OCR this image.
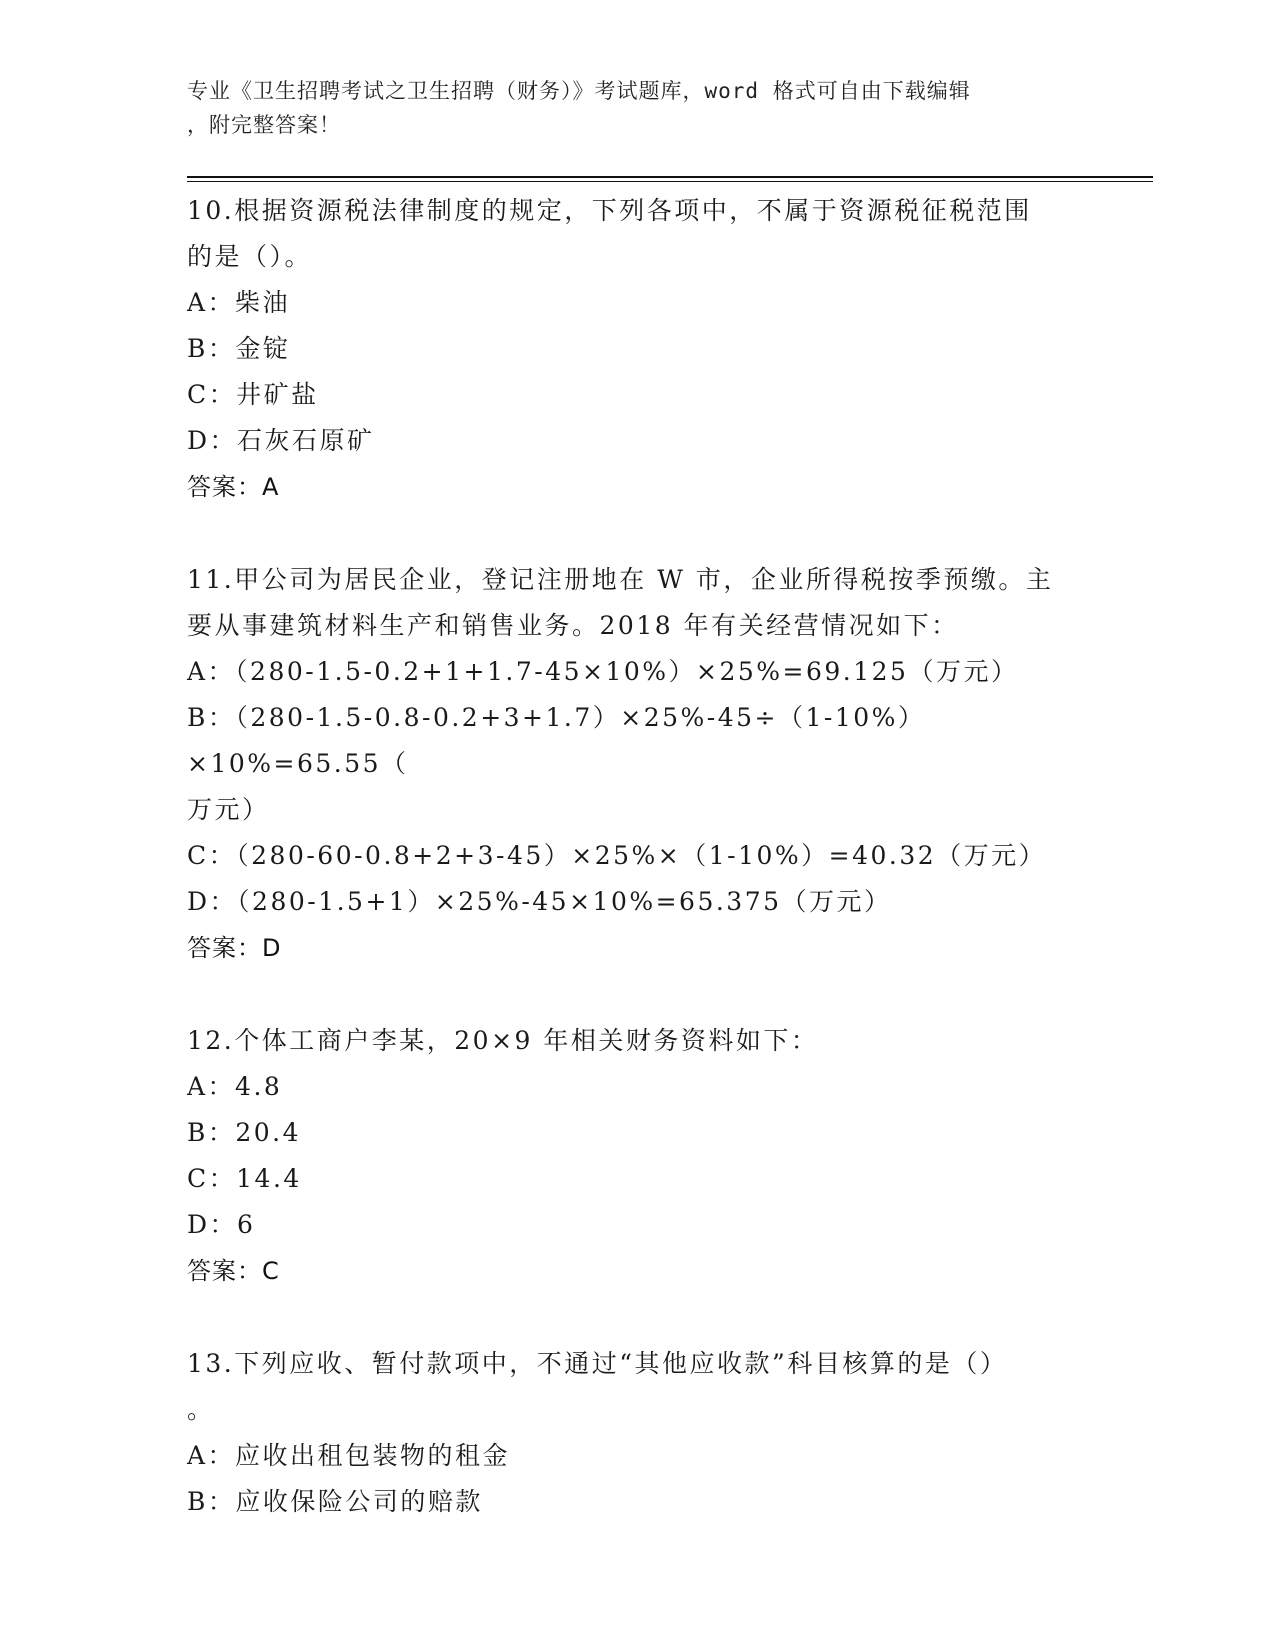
专业《卫生招聘考试之卫生招聘（财务）》考试题库，word 格式可自由下载编辑
，附完整答案！
10.根据资源税法律制度的规定，下列各项中，不属于资源税征税范围
的是（）。
A：柴油
B：金锭
C：井矿盐
D：石灰石原矿
答案：A
11.甲公司为居民企业，登记注册地在 W 市，企业所得税按季预缴。主
要从事建筑材料生产和销售业务。2018 年有关经营情况如下：
A：（280-1.5-0.2+1+1.7-45×10%）×25%=69.125（万元）
B：（280-1.5-0.8-0.2+3+1.7）×25%-45÷（1-10%）×10%=65.55（
万元）
C：（280-60-0.8+2+3-45）×25%×（1-10%）=40.32（万元）
D：（280-1.5+1）×25%-45×10%=65.375（万元）
答案：D
12.个体工商户李某，20×9 年相关财务资料如下：
A：4.8
B：20.4
C：14.4
D：6
答案：C
13.下列应收、暂付款项中，不通过“其他应收款”科目核算的是（）
。
A：应收出租包装物的租金
B：应收保险公司的赔款
